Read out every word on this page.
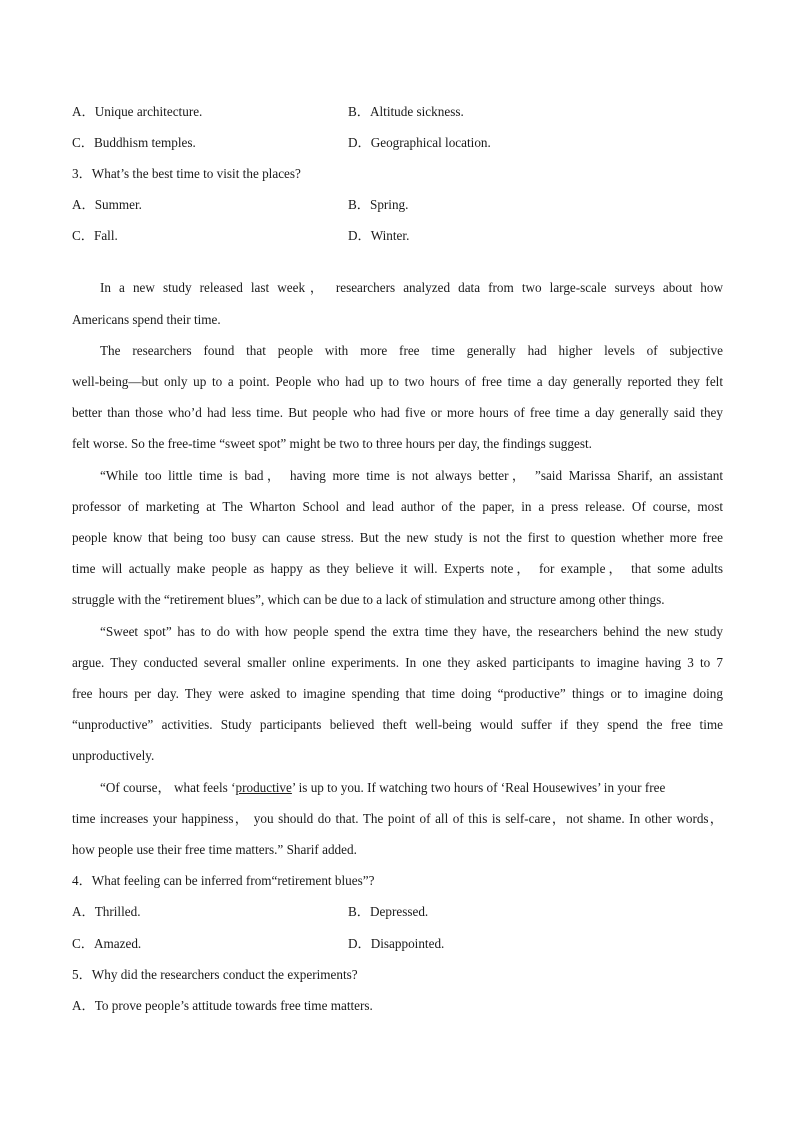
A．Unique architecture.	B．Altitude sickness.
C．Buddhism temples.	D．Geographical location.
3．What’s the best time to visit the places?
A．Summer.	B．Spring.
C．Fall.	D．Winter.
In a new study released last week， researchers analyzed data from two large-scale surveys about how
Americans spend their time.
The researchers found that people with more free time generally had higher levels of subjective
well-being—but only up to a point. People who had up to two hours of free time a day generally reported they felt
better than those who’d had less time. But people who had five or more hours of free time a day generally said they
felt worse. So the free-time “sweet spot” might be two to three hours per day, the findings suggest.
“While too little time is bad， having more time is not always better， ”said Marissa Sharif, an assistant
professor of marketing at The Wharton School and lead author of the paper, in a press release. Of course, most
people know that being too busy can cause stress. But the new study is not the first to question whether more free
time will actually make people as happy as they believe it will. Experts note， for example， that some adults
struggle with the “retirement blues”, which can be due to a lack of stimulation and structure among other things.
“Sweet spot” has to do with how people spend the extra time they have, the researchers behind the new study
argue. They conducted several smaller online experiments. In one they asked participants to imagine having 3 to 7
free hours per day. They were asked to imagine spending that time doing “productive” things or to imagine doing
“unproductive” activities. Study participants believed theft well-being would suffer if they spend the free time
unproductively.
“Of course， what feels ‘productive’ is up to you. If watching two hours of ‘Real Housewives’ in your free
time increases your happiness， you should do that. The point of all of this is self-care，not shame. In other words，
how people use their free time matters.” Sharif added.
4．What feeling can be inferred from“retirement blues”?
A．Thrilled.	B．Depressed.
C．Amazed.	D．Disappointed.
5．Why did the researchers conduct the experiments?
A．To prove people’s attitude towards free time matters.
